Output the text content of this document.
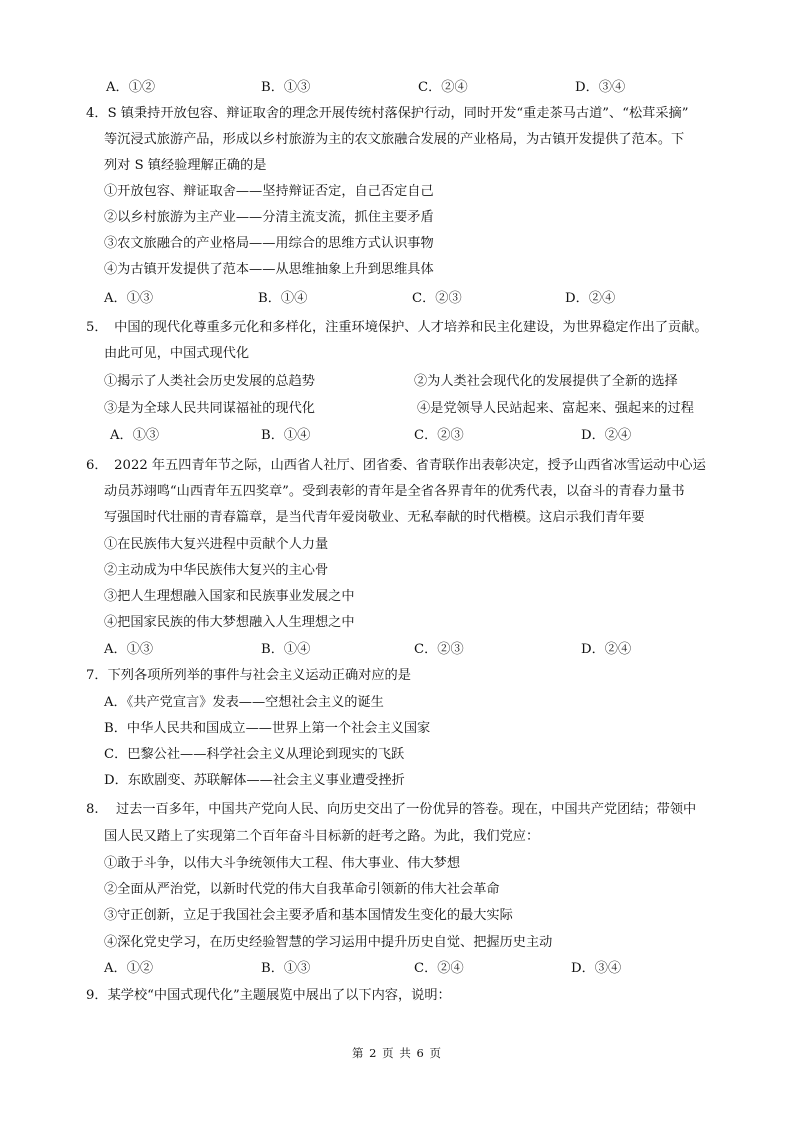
A．①②	B．①③	C．②④	D．③④
4．S 镇秉持开放包容、辩证取舍的理念开展传统村落保护行动，同时开发“重走茶马古道”、“松茸采摘”
等沉浸式旅游产品，形成以乡村旅游为主的农文旅融合发展的产业格局，为古镇开发提供了范本。下
列对 S 镇经验理解正确的是
①开放包容、辩证取舍——坚持辩证否定，自己否定自己
②以乡村旅游为主产业——分清主流支流，抓住主要矛盾
③农文旅融合的产业格局——用综合的思维方式认识事物
④为古镇开发提供了范本——从思维抽象上升到思维具体
A．①③	B．①④	C．②③	D．②④
5．　中国的现代化尊重多元化和多样化，注重环境保护、人才培养和民主化建设，为世界稳定作出了贡献。
由此可见，中国式现代化
①揭示了人类社会历史发展的总趋势	②为人类社会现代化的发展提供了全新的选择
③是为全球人民共同谋福祉的现代化	④是党领导人民站起来、富起来、强起来的过程
A．①③	B．①④	C．②③	D．②④
6．　2022 年五四青年节之际，山西省人社厅、团省委、省青联作出表彰决定，授予山西省冰雪运动中心运
动员苏翊鸣“山西青年五四奖章”。受到表彰的青年是全省各界青年的优秀代表，以奋斗的青春力量书
写强国时代壮丽的青春篇章，是当代青年爱岗敬业、无私奉献的时代楷模。这启示我们青年要
①在民族伟大复兴进程中贡献个人力量
②主动成为中华民族伟大复兴的主心骨
③把人生理想融入国家和民族事业发展之中
④把国家民族的伟大梦想融入人生理想之中
A．①③	B．①④	C．②③	D．②④
7．下列各项所列举的事件与社会主义运动正确对应的是
A．《共产党宣言》发表——空想社会主义的诞生
B．中华人民共和国成立——世界上第一个社会主义国家
C．巴黎公社——科学社会主义从理论到现实的飞跃
D．东欧剧变、苏联解体——社会主义事业遭受挫折
8.　 过去一百多年，中国共产党向人民、向历史交出了一份优异的答卷。现在，中国共产党团结；带领中
国人民又踏上了实现第二个百年奋斗目标新的赶考之路。为此，我们党应：
①敢于斗争，以伟大斗争统领伟大工程、伟大事业、伟大梦想
②全面从严治党，以新时代党的伟大自我革命引领新的伟大社会革命
③守正创新，立足于我国社会主要矛盾和基本国情发生变化的最大实际
④深化党史学习，在历史经验智慧的学习运用中提升历史自觉、把握历史主动
A．①②	B．①③	C．②④	D．③④
9．某学校“中国式现代化”主题展览中展出了以下内容，说明：
第 2 页 共 6 页
